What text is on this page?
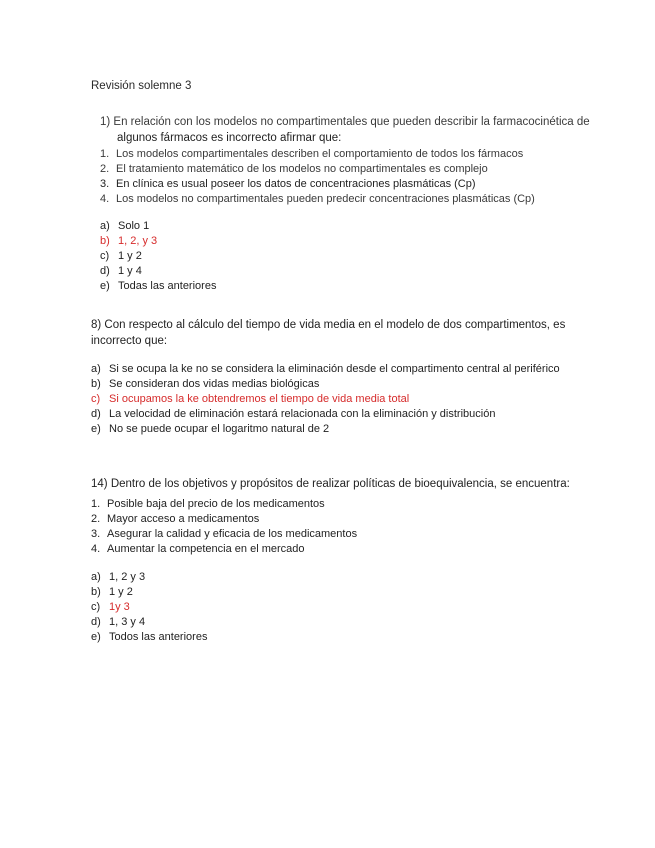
Revisión solemne 3
1) En relación con los modelos no compartimentales que pueden describir la farmacocinética de
algunos fármacos es incorrecto afirmar que:
1. Los modelos compartimentales describen el comportamiento de todos los fármacos
2. El tratamiento matemático de los modelos no compartimentales es complejo
3. En clínica es usual poseer los datos de concentraciones plasmáticas (Cp)
4. Los modelos no compartimentales pueden predecir concentraciones plasmáticas (Cp)
a) Solo 1
b) 1, 2, y 3
c) 1 y 2
d) 1 y 4
e) Todas las anteriores
8) Con respecto al cálculo del tiempo de vida media en el modelo de dos compartimentos, es
incorrecto que:
a) Si se ocupa la ke no se considera la eliminación desde el compartimento central al periférico
b) Se consideran dos vidas medias biológicas
c) Si ocupamos la ke obtendremos el tiempo de vida media total
d) La velocidad de eliminación estará relacionada con la eliminación y distribución
e) No se puede ocupar el logaritmo natural de 2
14) Dentro de los objetivos y propósitos de realizar políticas de bioequivalencia, se encuentra:
1. Posible baja del precio de los medicamentos
2. Mayor acceso a medicamentos
3. Asegurar la calidad y eficacia de los medicamentos
4. Aumentar la competencia en el mercado
a) 1, 2 y 3
b) 1 y 2
c) 1y 3
d) 1, 3 y 4
e) Todos las anteriores
